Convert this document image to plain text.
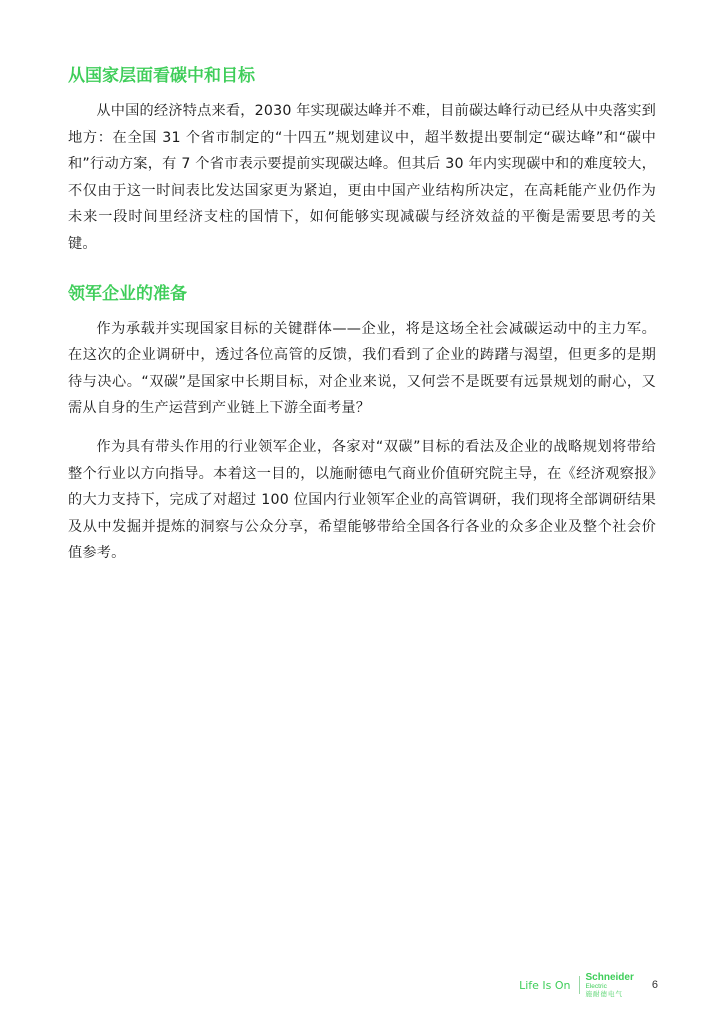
从国家层面看碳中和目标

从中国的经济特点来看，2030 年实现碳达峰并不难，目前碳达峰行动已经从中央落实到地方：在全国 31 个省市制定的“十四五”规划建议中，超半数提出要制定“碳达峰”和“碳中和”行动方案，有 7 个省市表示要提前实现碳达峰。但其后 30 年内实现碳中和的难度较大，不仅由于这一时间表比发达国家更为紧迫，更由中国产业结构所决定，在高耗能产业仍作为未来一段时间里经济支柱的国情下，如何能够实现减碳与经济效益的平衡是需要思考的关键。

领军企业的准备

作为承载并实现国家目标的关键群体——企业，将是这场全社会减碳运动中的主力军。在这次的企业调研中，透过各位高管的反馈，我们看到了企业的踌躇与渴望，但更多的是期待与决心。“双碳”是国家中长期目标，对企业来说，又何尝不是既要有远景规划的耐心，又需从自身的生产运营到产业链上下游全面考量？

作为具有带头作用的行业领军企业，各家对“双碳”目标的看法及企业的战略规划将带给整个行业以方向指导。本着这一目的，以施耐德电气商业价值研究院主导，在《经济观察报》的大力支持下，完成了对超过 100 位国内行业领军企业的高管调研，我们现将全部调研结果及从中发掘并提炼的洞察与公众分享，希望能够带给全国各行各业的众多企业及整个社会价值参考。

Life Is On
Schneider
Electric
施耐德电气
6
